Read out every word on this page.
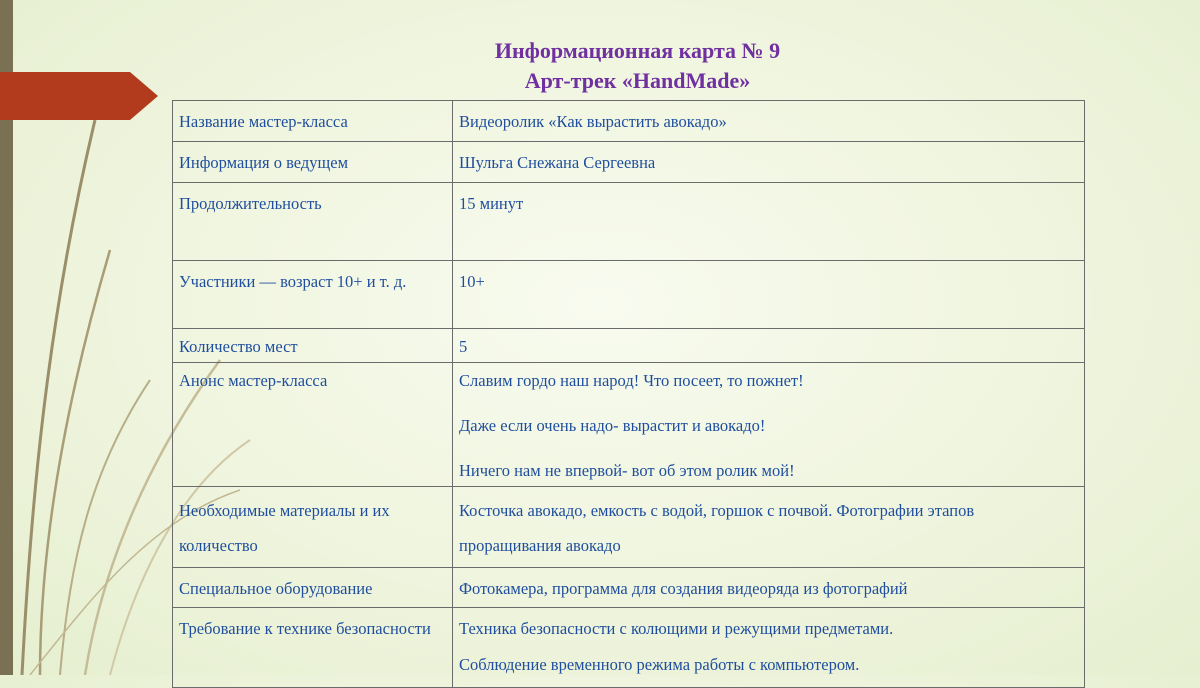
Информационная карта № 9
Арт-трек «HandMade»
Название мастер-класса	Видеоролик «Как вырастить авокадо»

Информация о ведущем	Шульга Снежана Сергеевна

Продолжительность	15 минут

Участники — возраст 10+ и т. д.	10+

Количество мест	5

Анонс мастер-класса	Славим гордо наш народ! Что посеет, то пожнет!

Даже если очень надо- вырастит и авокадо!

Ничего нам не впервой- вот об этом ролик мой!

Необходимые материалы и их количество	Косточка авокадо, емкость с водой, горшок с почвой. Фотографии этапов проращивания авокадо

Специальное оборудование	Фотокамера, программа для создания видеоряда из фотографий

Требование к технике безопасности	Техника безопасности с колющими и режущими предметами.

Соблюдение временного режима работы с компьютером.
